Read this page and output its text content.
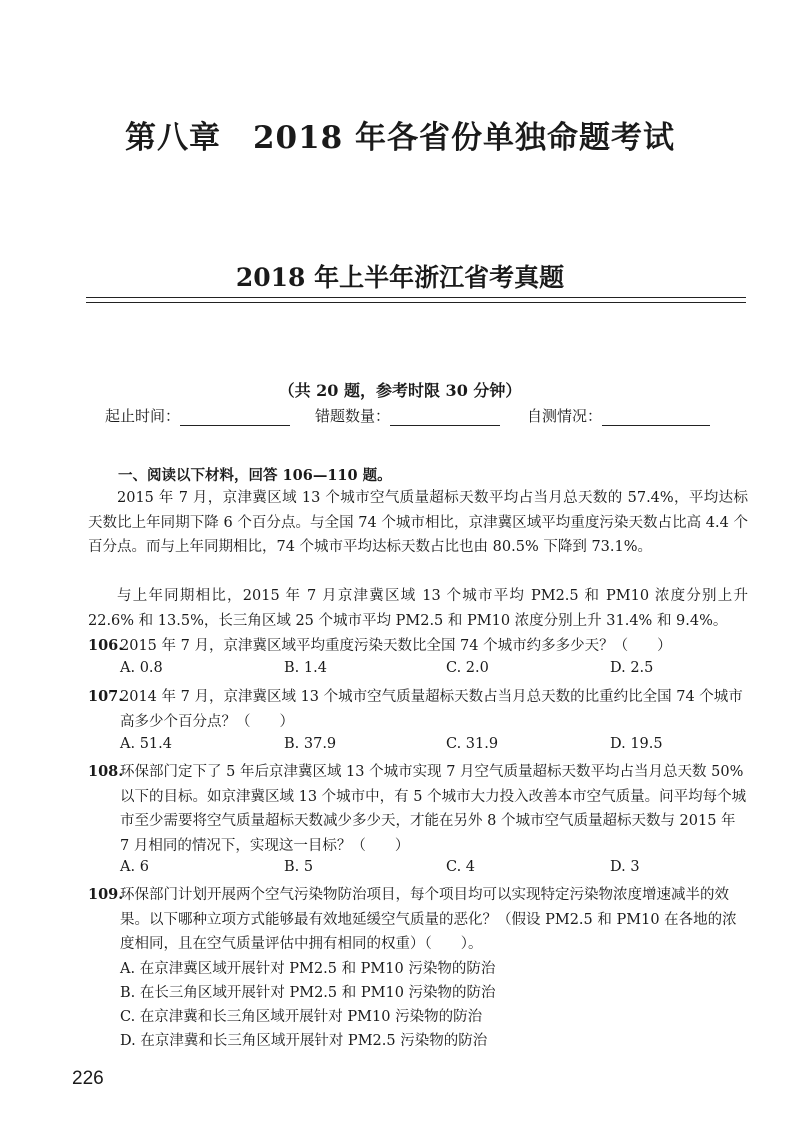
第八章　2018 年各省份单独命题考试
2018 年上半年浙江省考真题
（共 20 题，参考时限 30 分钟）
起止时间：	错题数量：	自测情况：
一、阅读以下材料，回答 106—110 题。
2015 年 7 月，京津冀区域 13 个城市空气质量超标天数平均占当月总天数的 57.4%，平均达标天数比上年同期下降 6 个百分点。与全国 74 个城市相比，京津冀区域平均重度污染天数占比高 4.4 个百分点。而与上年同期相比，74 个城市平均达标天数占比也由 80.5% 下降到 73.1%。
与上年同期相比，2015 年 7 月京津冀区域 13 个城市平均 PM2.5 和 PM10 浓度分别上升 22.6% 和 13.5%，长三角区域 25 个城市平均 PM2.5 和 PM10 浓度分别上升 31.4% 和 9.4%。
106.
2015 年 7 月，京津冀区域平均重度污染天数比全国 74 个城市约多多少天？（　　）
A. 0.8	B. 1.4	C. 2.0	D. 2.5
107.
2014 年 7 月，京津冀区域 13 个城市空气质量超标天数占当月总天数的比重约比全国 74 个城市高多少个百分点？（　　）
A. 51.4	B. 37.9	C. 31.9	D. 19.5
108.
环保部门定下了 5 年后京津冀区域 13 个城市实现 7 月空气质量超标天数平均占当月总天数 50% 以下的目标。如京津冀区域 13 个城市中，有 5 个城市大力投入改善本市空气质量。问平均每个城市至少需要将空气质量超标天数减少多少天，才能在另外 8 个城市空气质量超标天数与 2015 年 7 月相同的情况下，实现这一目标？（　　）
A. 6	B. 5	C. 4	D. 3
109.
环保部门计划开展两个空气污染物防治项目，每个项目均可以实现特定污染物浓度增速减半的效果。以下哪种立项方式能够最有效地延缓空气质量的恶化？（假设 PM2.5 和 PM10 在各地的浓度相同，且在空气质量评估中拥有相同的权重）（　　）。
A. 在京津冀区域开展针对 PM2.5 和 PM10 污染物的防治
B. 在长三角区域开展针对 PM2.5 和 PM10 污染物的防治
C. 在京津冀和长三角区域开展针对 PM10 污染物的防治
D. 在京津冀和长三角区域开展针对 PM2.5 污染物的防治
226
